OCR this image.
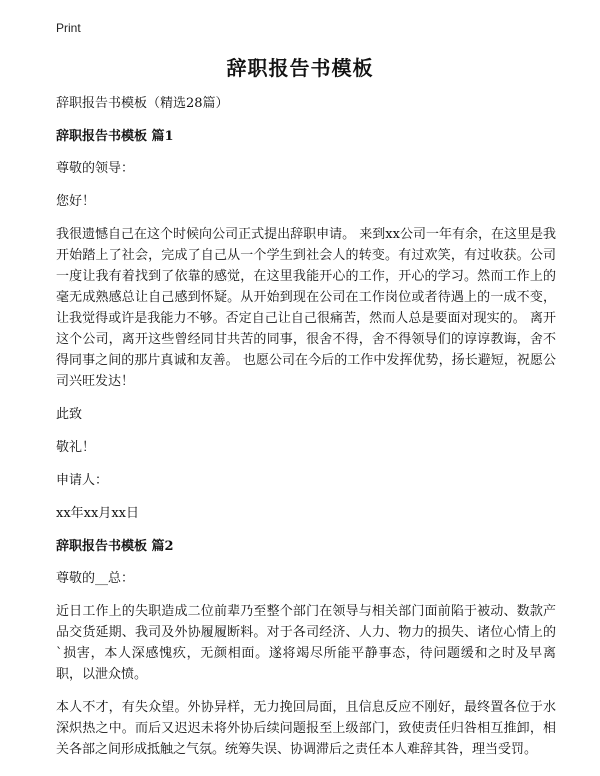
Print
辞职报告书模板

辞职报告书模板（精选28篇）

辞职报告书模板 篇1

尊敬的领导：

您好！

我很遗憾自己在这个时候向公司正式提出辞职申请。 来到xx公司一年有余，在这里是我开始踏上了社会，完成了自己从一个学生到社会人的转变。有过欢笑，有过收获。公司一度让我有着找到了依靠的感觉，在这里我能开心的工作，开心的学习。然而工作上的毫无成熟感总让自己感到怀疑。从开始到现在公司在工作岗位或者待遇上的一成不变，让我觉得或许是我能力不够。否定自己让自己很痛苦，然而人总是要面对现实的。 离开这个公司，离开这些曾经同甘共苦的同事，很舍不得，舍不得领导们的谆谆教诲，舍不得同事之间的那片真诚和友善。 也愿公司在今后的工作中发挥优势，扬长避短，祝愿公司兴旺发达！

此致

敬礼！

申请人：

xx年xx月xx日

辞职报告书模板 篇2

尊敬的__总：

近日工作上的失职造成二位前辈乃至整个部门在领导与相关部门面前陷于被动、数款产品交货延期、我司及外协履履断料。对于各司经济、人力、物力的损失、诸位心情上的`损害，本人深感愧疚，无颜相面。遂将竭尽所能平静事态，待问题缓和之时及早离职，以泄众愤。

本人不才，有失众望。外协异样，无力挽回局面，且信息反应不刚好，最终置各位于水深炽热之中。而后又迟迟未将外协后续问题报至上级部门，致使责任归咎相互推卸，相关各部之间形成抵触之气氛。统筹失误、协调滞后之责任本人难辞其咎，理当受罚。
